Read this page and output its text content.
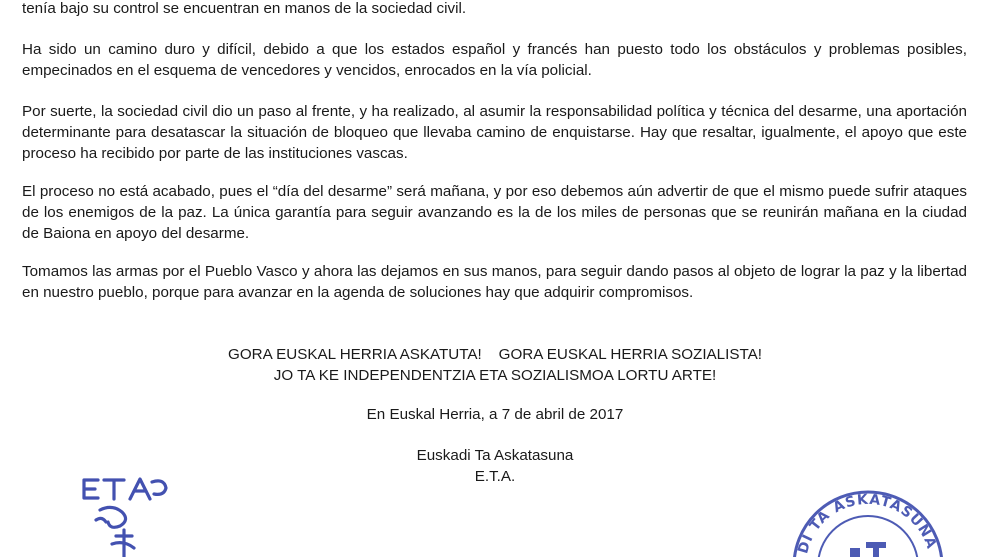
tenía bajo su control se encuentran en manos de la sociedad civil.

Ha sido un camino duro y difícil, debido a que los estados español y francés han puesto todo los obstáculos y problemas posibles, empecinados en el esquema de vencedores y vencidos, enrocados en la vía policial.

Por suerte, la sociedad civil dio un paso al frente, y ha realizado, al asumir la responsabilidad política y técnica del desarme, una aportación determinante para desatascar la situación de bloqueo que llevaba camino de enquistarse. Hay que resaltar, igualmente, el apoyo que este proceso ha recibido por parte de las instituciones vascas.

El proceso no está acabado, pues el “día del desarme” será mañana, y por eso debemos aún advertir de que el mismo puede sufrir ataques de los enemigos de la paz. La única garantía para seguir avanzando es la de los miles de personas que se reunirán mañana en la ciudad de Baiona en apoyo del desarme.

Tomamos las armas por el Pueblo Vasco y ahora las dejamos en sus manos, para seguir dando pasos al objeto de lograr la paz y la libertad en nuestro pueblo, porque para avanzar en la agenda de soluciones hay que adquirir compromisos.

GORA EUSKAL HERRIA ASKATUTA!    GORA EUSKAL HERRIA SOZIALISTA!

JO TA KE INDEPENDENTZIA ETA SOZIALISMOA LORTU ARTE!

En Euskal Herria, a 7 de abril de 2017

Euskadi Ta Askatasuna

E.T.A.

DI TA ASKATASUNA
